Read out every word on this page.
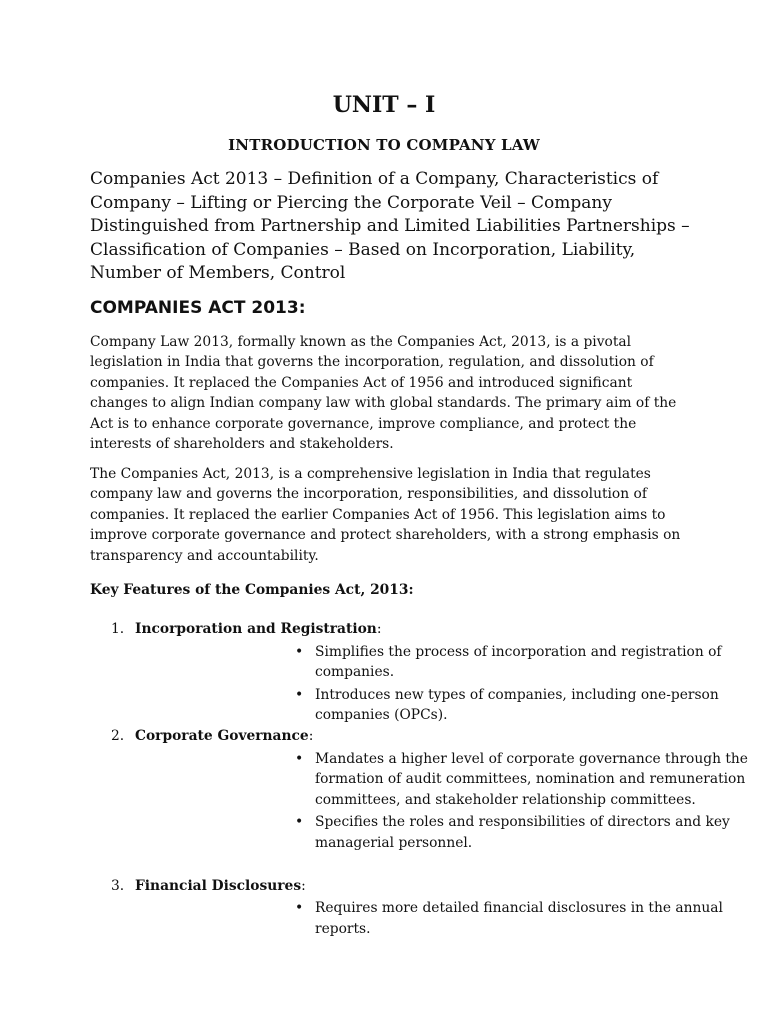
UNIT – I
INTRODUCTION TO COMPANY LAW

Companies Act 2013 – Definition of a Company, Characteristics of Company – Lifting or Piercing the Corporate Veil – Company Distinguished from Partnership and Limited Liabilities Partnerships – Classification of Companies – Based on Incorporation, Liability, Number of Members, Control

COMPANIES ACT 2013:

Company Law 2013, formally known as the Companies Act, 2013, is a pivotal legislation in India that governs the incorporation, regulation, and dissolution of companies. It replaced the Companies Act of 1956 and introduced significant changes to align Indian company law with global standards. The primary aim of the Act is to enhance corporate governance, improve compliance, and protect the interests of shareholders and stakeholders.

The Companies Act, 2013, is a comprehensive legislation in India that regulates company law and governs the incorporation, responsibilities, and dissolution of companies. It replaced the earlier Companies Act of 1956. This legislation aims to improve corporate governance and protect shareholders, with a strong emphasis on transparency and accountability.

Key Features of the Companies Act, 2013:

1. Incorporation and Registration:
• Simplifies the process of incorporation and registration of companies.
• Introduces new types of companies, including one-person companies (OPCs).
2. Corporate Governance:
• Mandates a higher level of corporate governance through the formation of audit committees, nomination and remuneration committees, and stakeholder relationship committees.
• Specifies the roles and responsibilities of directors and key managerial personnel.
3. Financial Disclosures:
• Requires more detailed financial disclosures in the annual reports.
